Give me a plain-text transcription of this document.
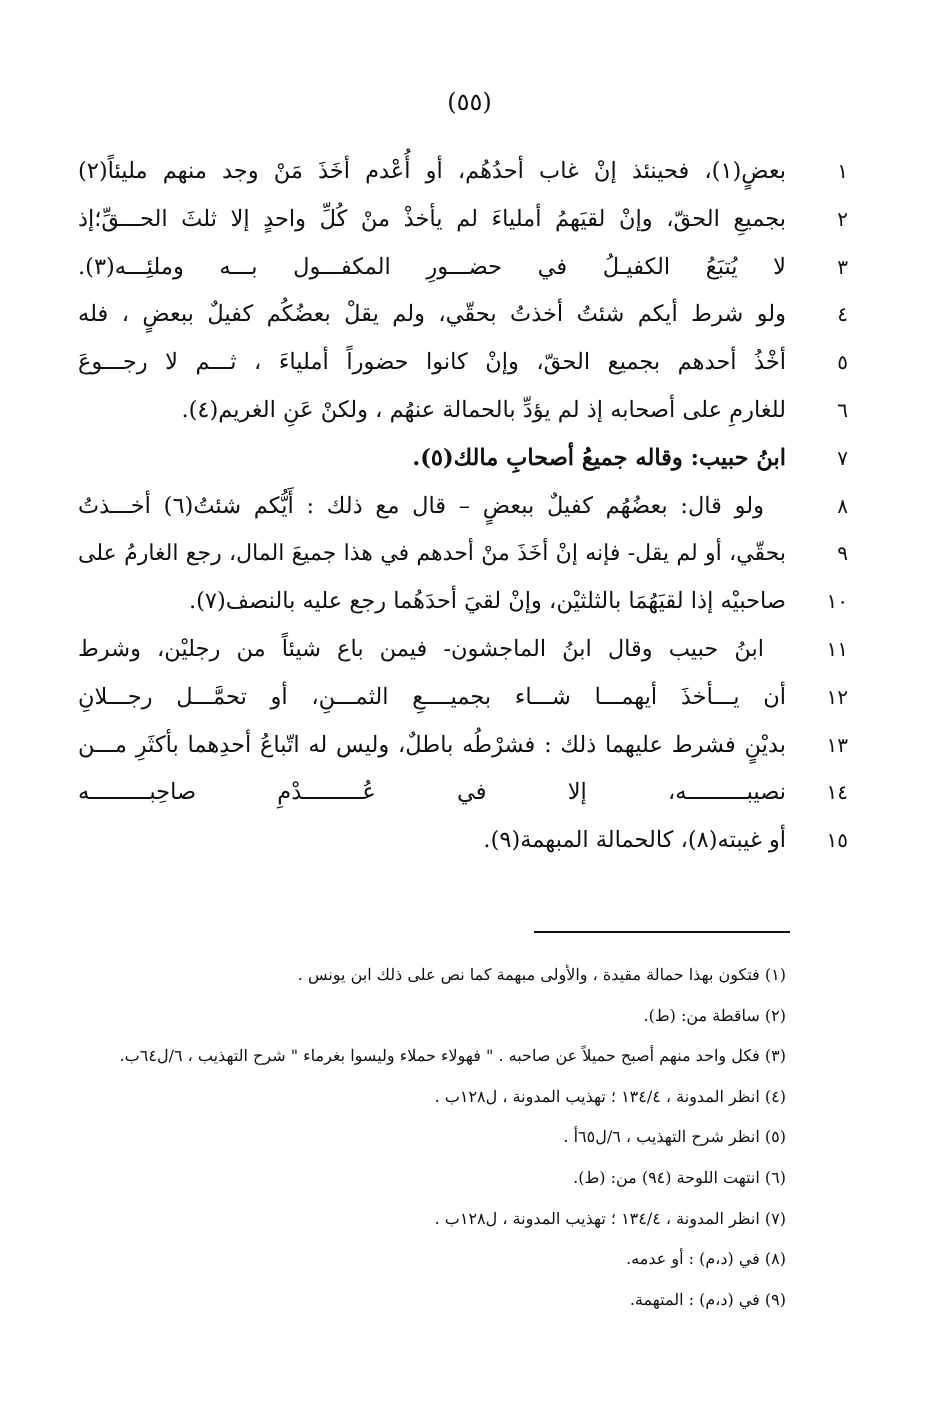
(٥٥)
١
بعضٍ(١)، فحينئذ إنْ غاب أحدُهُم، أو أُعْدم أخَذَ مَنْ وجد منهم مليئاً(٢)
٢
بجميعِ الحقّ، وإنْ لقيَهمُ أملياءَ لم يأخذْ منْ كُلِّ واحدٍ إلا ثلثَ الحـــقِّ؛إذ
٣
لا يُتبَعُ الكفيـلُ في حضـــورِ المكفـــول بـــه وملئِـــه(٣).
٤
ولو شرط أيكم شئتُ أخذتُ بحقّي، ولم يقلْ بعضُكُم كفيلٌ ببعضٍ ، فله
٥
أخْذُ أحدهم بجميع الحقّ، وإنْ كانوا حضوراً أملياءَ ، ثـــم لا رجـــوعَ
٦
للغارمِ على أصحابه إذ لم يؤدِّ بالحمالة عنهُم ، ولكنْ عَنِ الغريم(٤).
٧
ابنُ حبيب: وقاله جميعُ أصحابِ مالك(٥).
٨
ولو قال: بعضُهُم كفيلٌ ببعضٍ – قال مع ذلك : أَيُّكم شئتُ(٦) أخـــذتُ
٩
بحقّي، أو لم يقل- فإنه إنْ أخَذَ منْ أحدهم في هذا جميعَ المال، رجع الغارمُ على
١٠
صاحبيْه إذا لقيَهُمَا بالثلثيْن، وإنْ لقيَ أحدَهُما رجع عليه بالنصف(٧).
١١
ابنُ حبيب وقال ابنُ الماجشون- فيمن باع شيئاً من رجليْن، وشرط
١٢
أن يـــأخذَ أيهمـــا شـــاء بجميــــعِ الثمـــنِ، أو تحمَّـــل رجـــلانِ
١٣
بديْنٍ فشرط عليهما ذلك : فشرْطُه باطلٌ، وليس له اتّباعُ أحدِهما بأكثَرِ مـــن
١٤
نصيبـــــــــه، إلا في عُـــــــــدْمِ صاحِبـــــــــه
١٥
أو غيبته(٨)، كالحمالة المبهمة(٩).
(١) فتكون بهذا حمالة مقيدة ، والأولى مبهمة كما نص على ذلك ابن يونس .
(٢) ساقطة من: (ط).
(٣) فكل واحد منهم أصبح حميلاً عن صاحبه . " فهولاء حملاء وليسوا بغرماء " شرح التهذيب ، ٦/ل٦٤ب.
(٤) انظر المدونة ، ١٣٤/٤ ؛ تهذيب المدونة ، ل١٢٨ب .
(٥) انظر شرح التهذيب ، ٦/ل٦٥أ .
(٦) انتهت اللوحة (٩٤) من: (ط).
(٧) انظر المدونة ، ١٣٤/٤ ؛ تهذيب المدونة ، ل١٢٨ب .
(٨) في (د،م) : أو عدمه.
(٩) في (د،م) : المتهمة.
